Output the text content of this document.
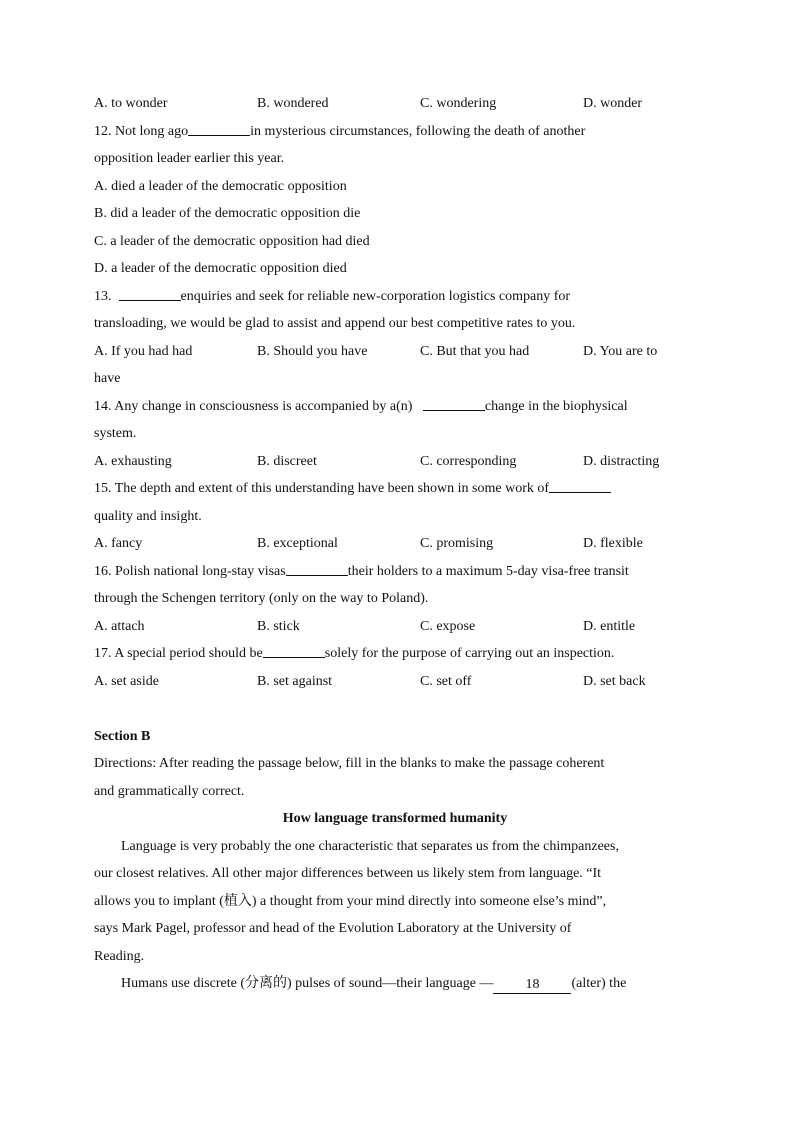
A. to wonder	B. wondered	C. wondering	D. wonder
12. Not long ago	in mysterious circumstances, following the death of another
opposition leader earlier this year.
A. died a leader of the democratic opposition
B. did a leader of the democratic opposition die
C. a leader of the democratic opposition had died
D. a leader of the democratic opposition died
13.	enquiries and seek for reliable new-corporation logistics company for
transloading, we would be glad to assist and append our best competitive rates to you.
A. If you had had	B. Should you have	C. But that you had	D. You are to
have
14. Any change in consciousness is accompanied by a(n)	change in the biophysical
system.
A. exhausting	B. discreet	C. corresponding	D. distracting
15. The depth and extent of this understanding have been shown in some work of
quality and insight.
A. fancy	B. exceptional	C. promising	D. flexible
16. Polish national long-stay visas	their holders to a maximum 5-day visa-free transit
through the Schengen territory (only on the way to Poland).
A. attach	B. stick	C. expose	D. entitle
17. A special period should be	solely for the purpose of carrying out an inspection.
A. set aside	B. set against	C. set off	D. set back
Section B
Directions: After reading the passage below, fill in the blanks to make the passage coherent
and grammatically correct.
How language transformed humanity
Language is very probably the one characteristic that separates us from the chimpanzees,
our closest relatives. All other major differences between us likely stem from language. “It
allows you to implant (植入) a thought from your mind directly into someone else’s mind”,
says Mark Pagel, professor and head of the Evolution Laboratory at the University of
Reading.
Humans use discrete (分离的) pulses of sound—their language — 18 (alter) the
